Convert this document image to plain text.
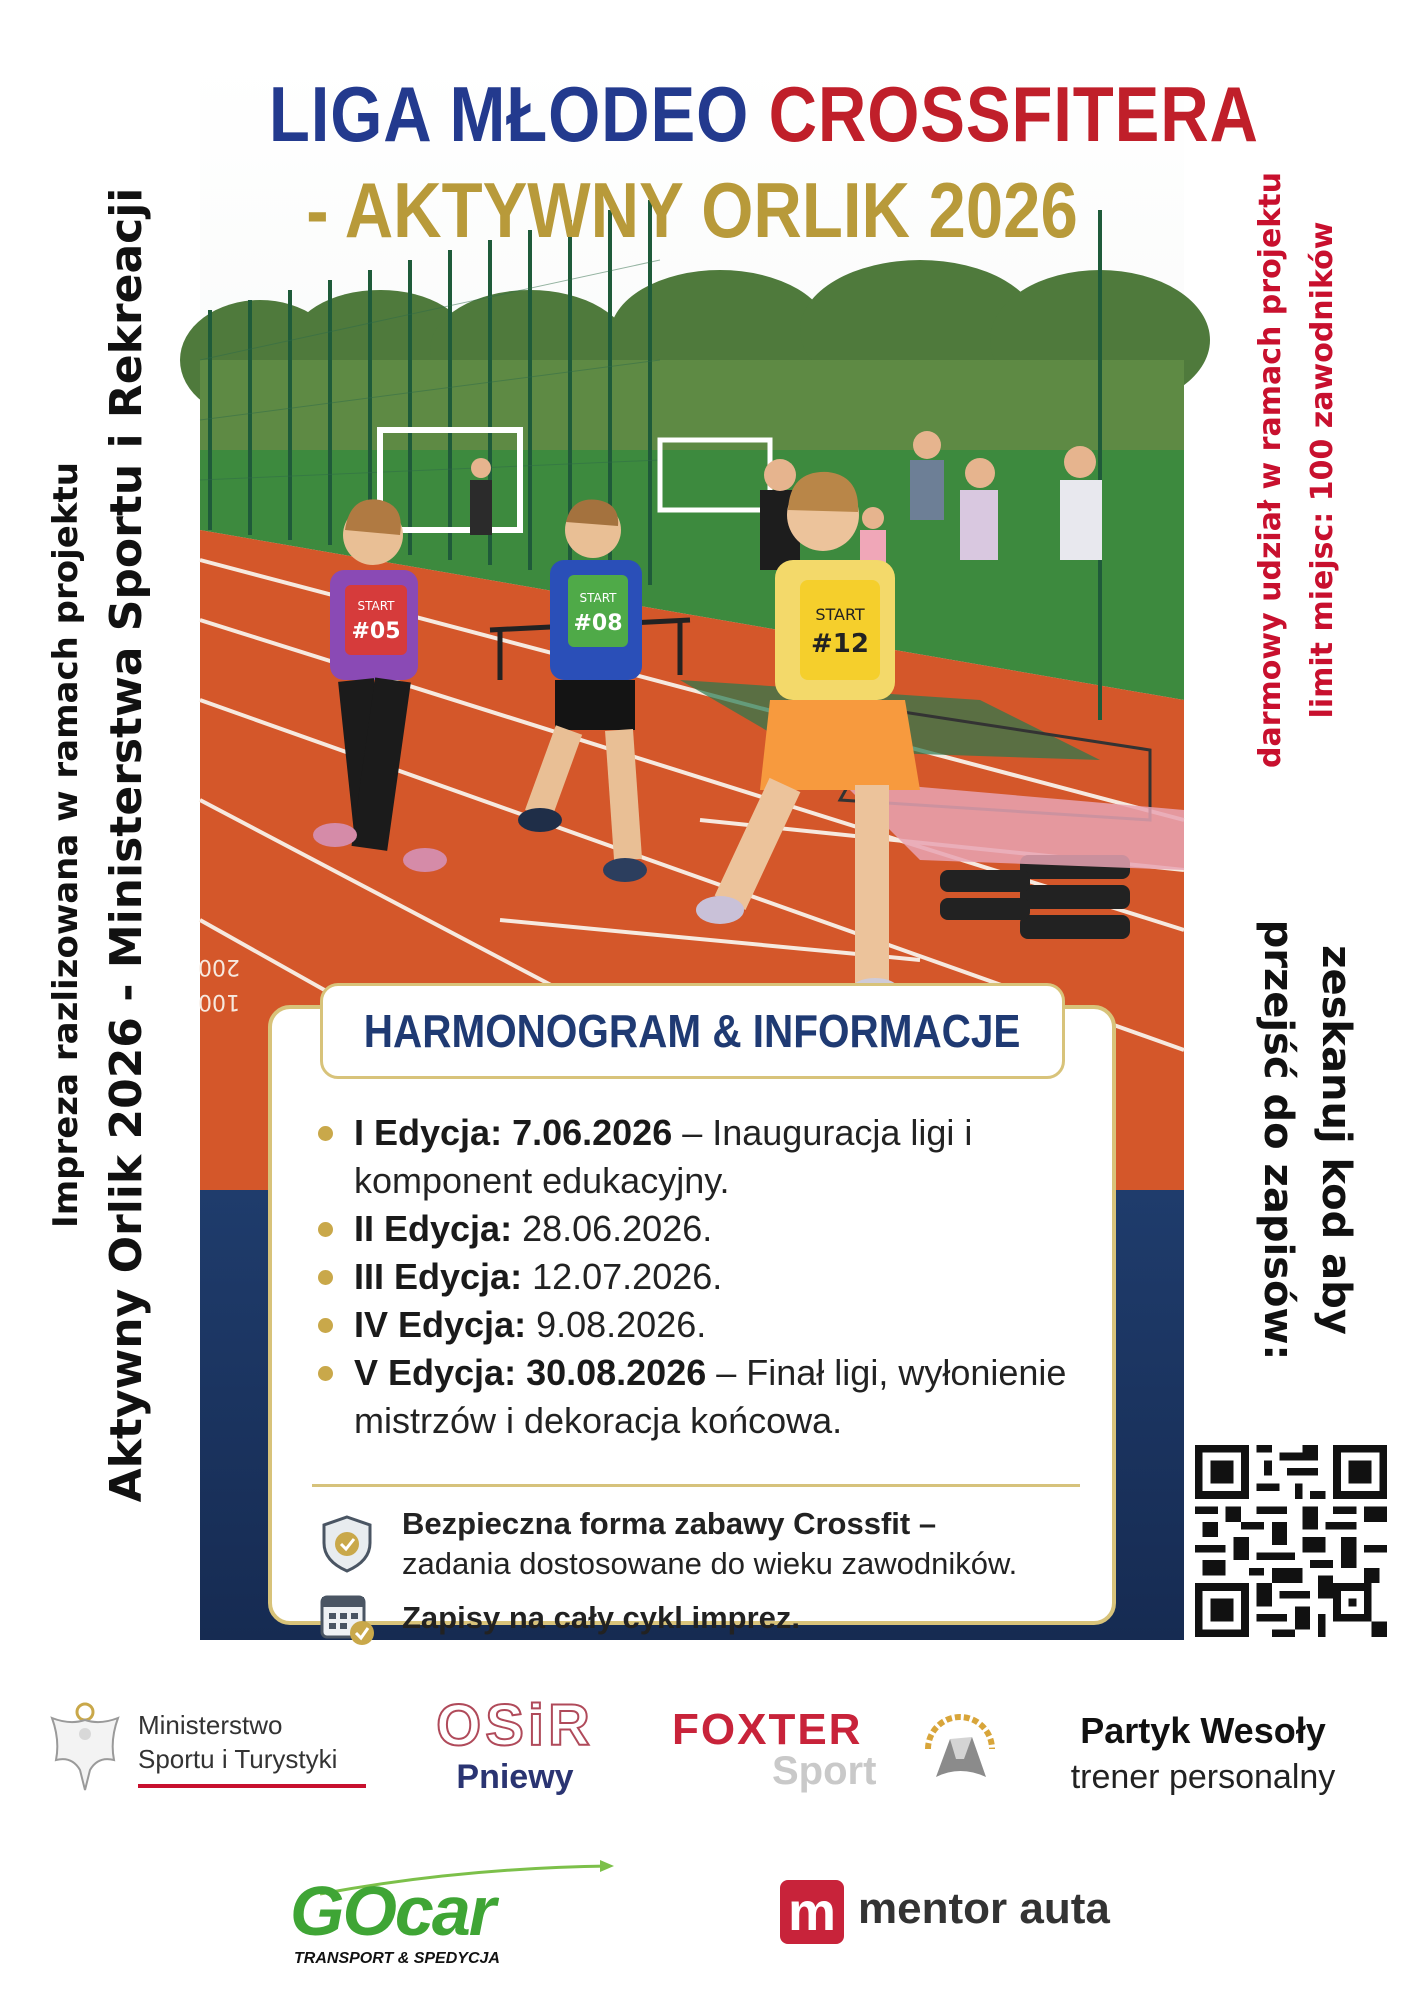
Impreza razlizowana w ramach projektu Aktywny Orlik 2026 - Ministerstwa Sportu i Rekreacji	darmowy udział w ramach projektu limit miejsc: 100 zawodników
zeskanuj kod aby
przejść do zapisów:
START
#05
START
#08	START
#12
200
100
LIGA MŁODEO CROSSFITERA
- AKTYWNY ORLIK 2026
HARMONOGRAM & INFORMACJE
I Edycja: 7.06.2026 – Inauguracja ligi i komponent edukacyjny.
II Edycja: 28.06.2026.
III Edycja: 12.07.2026.
IV Edycja: 9.08.2026.
V Edycja: 30.08.2026 – Finał ligi, wyłonienie mistrzów i dekoracja końcowa.
Bezpieczna forma zabawy Crossfit –
zadania dostosowane do wieku zawodników.
Zapisy na cały cykl imprez.
Ministerstwo
Sportu i Turystyki
OSiR
Pniewy
FOXTER
Sport
Partyk Wesoły
trener personalny
GOcar
TRANSPORT & SPEDYCJA
m mentor auta
